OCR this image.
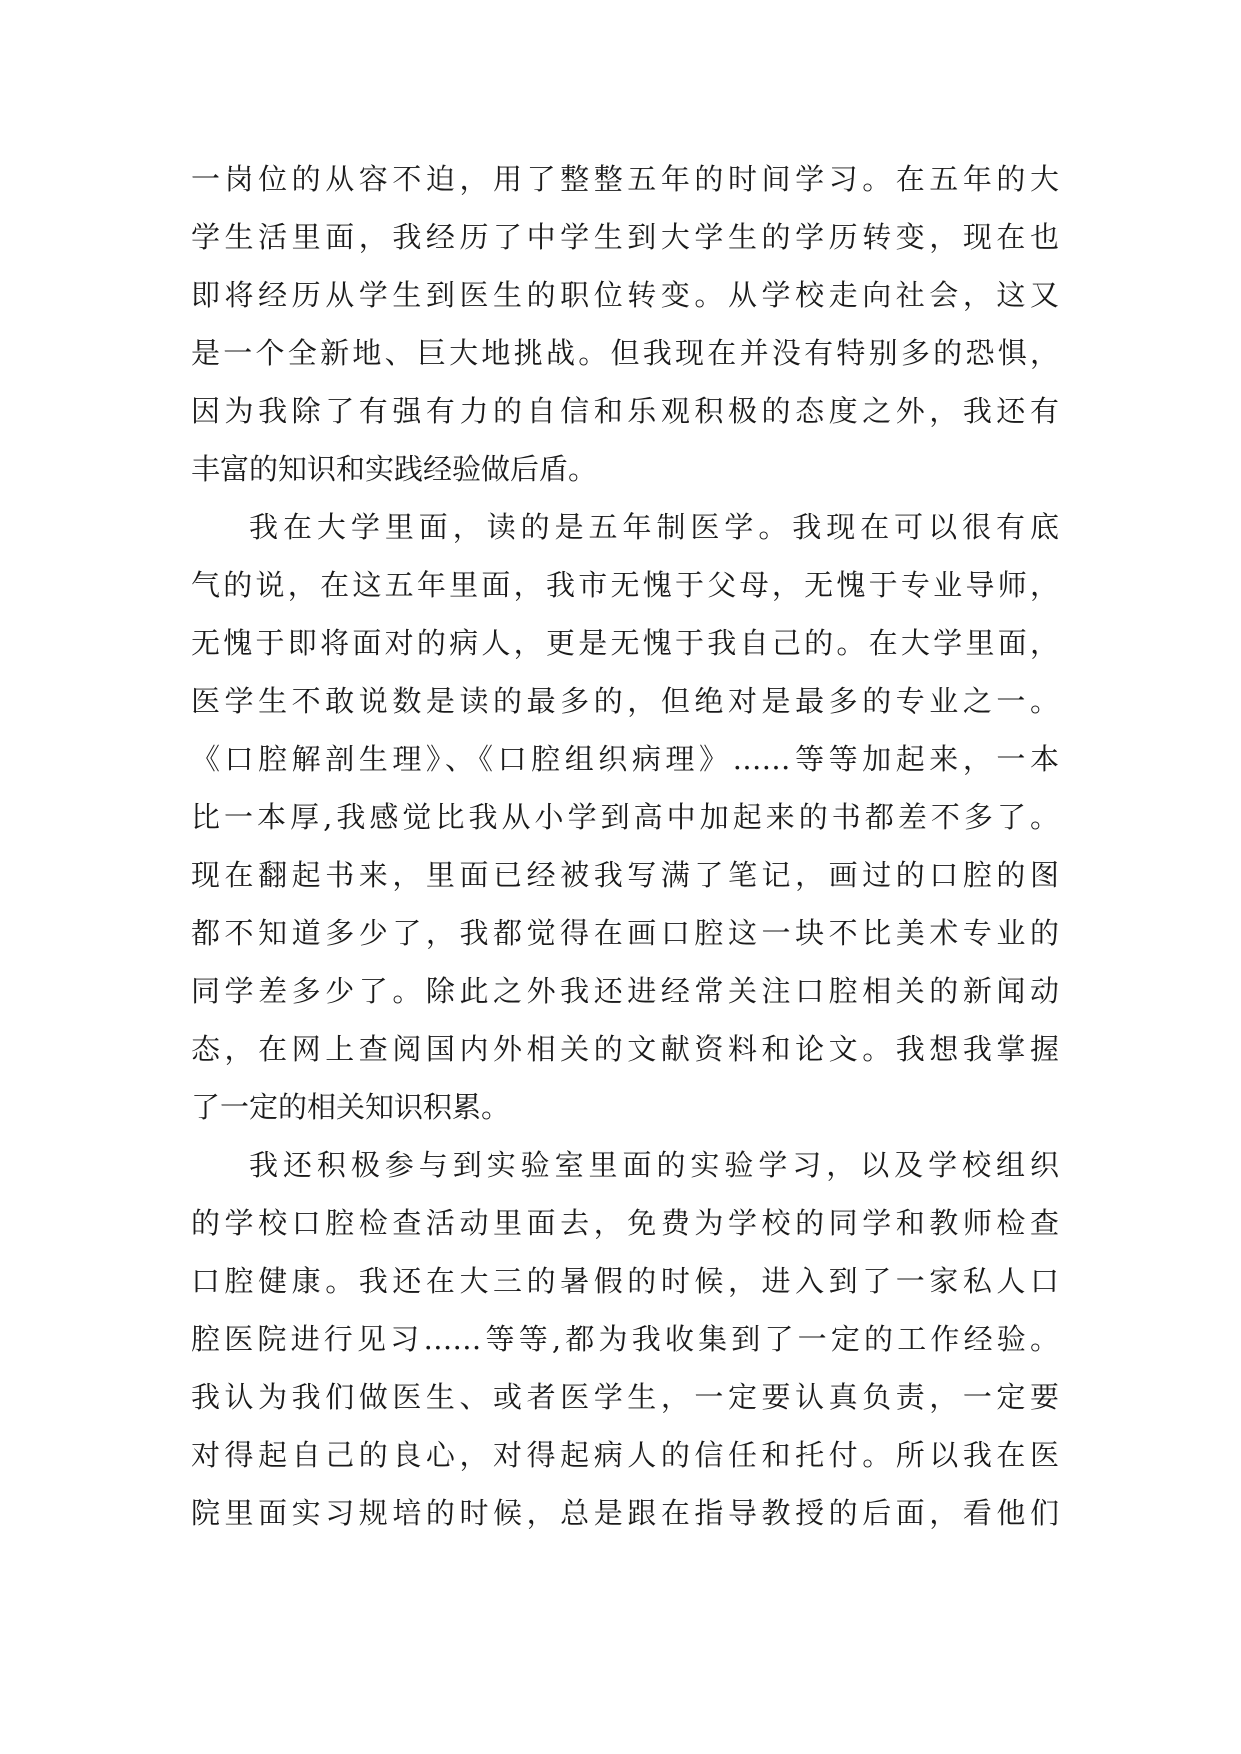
一岗位的从容不迫，用了整整五年的时间学习。在五年的大
学生活里面，我经历了中学生到大学生的学历转变，现在也
即将经历从学生到医生的职位转变。从学校走向社会，这又
是一个全新地、巨大地挑战。但我现在并没有特别多的恐惧，
因为我除了有强有力的自信和乐观积极的态度之外，我还有
丰富的知识和实践经验做后盾。
我在大学里面，读的是五年制医学。我现在可以很有底
气的说，在这五年里面，我市无愧于父母，无愧于专业导师，
无愧于即将面对的病人，更是无愧于我自己的。在大学里面，
医学生不敢说数是读的最多的，但绝对是最多的专业之一。
《口腔解剖生理》、《口腔组织病理》……等等加起来，一本
比一本厚,我感觉比我从小学到高中加起来的书都差不多了。
现在翻起书来，里面已经被我写满了笔记，画过的口腔的图
都不知道多少了，我都觉得在画口腔这一块不比美术专业的
同学差多少了。除此之外我还进经常关注口腔相关的新闻动
态，在网上查阅国内外相关的文献资料和论文。我想我掌握
了一定的相关知识积累。
我还积极参与到实验室里面的实验学习，以及学校组织
的学校口腔检查活动里面去，免费为学校的同学和教师检查
口腔健康。我还在大三的暑假的时候，进入到了一家私人口
腔医院进行见习……等等,都为我收集到了一定的工作经验。
我认为我们做医生、或者医学生，一定要认真负责，一定要
对得起自己的良心，对得起病人的信任和托付。所以我在医
院里面实习规培的时候，总是跟在指导教授的后面，看他们
